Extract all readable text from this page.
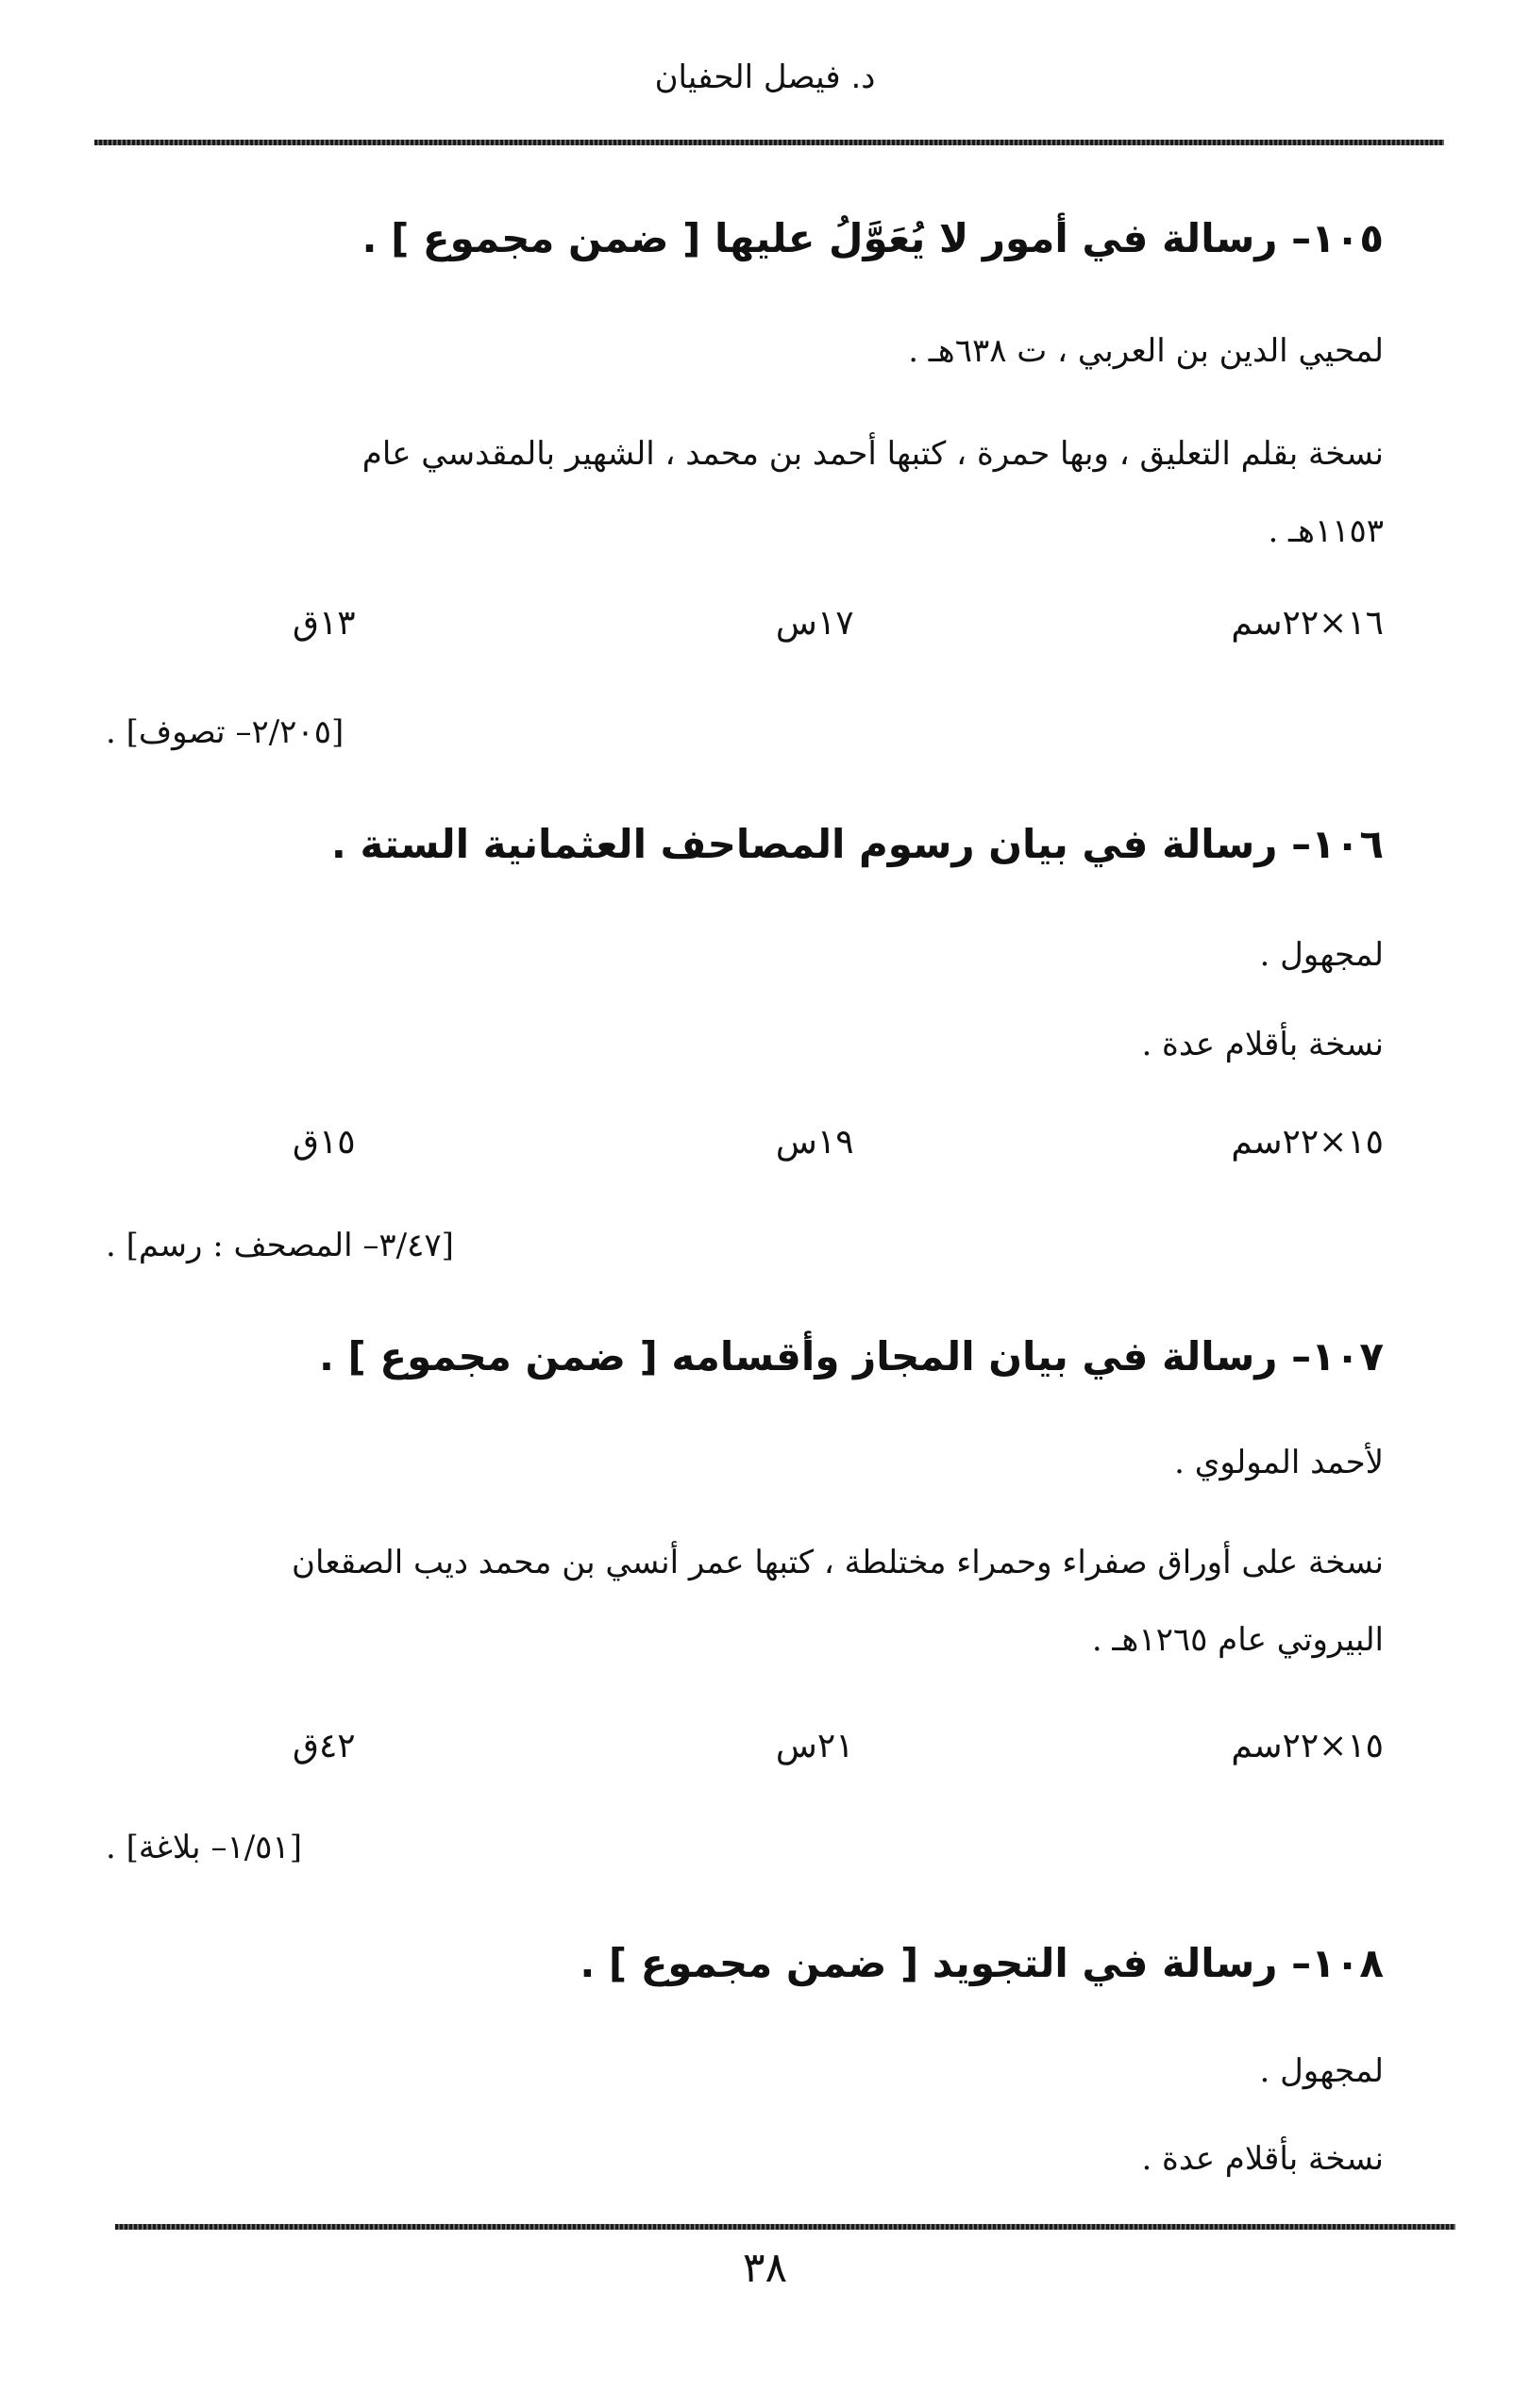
د. فيصل الحفيان
١٠٥– رسالة في أمور لا يُعَوَّلُ عليها [ ضمن مجموع ] .
لمحيي الدين بن العربي ، ت ٦٣٨هـ .
نسخة بقلم التعليق ، وبها حمرة ، كتبها أحمد بن محمد ، الشهير بالمقدسي عام
١١٥٣هـ .
١٣ق	١٧س	١٦×٢٢سم
[٢/٢٠٥– تصوف] .
١٠٦– رسالة في بيان رسوم المصاحف العثمانية الستة .
لمجهول .
نسخة بأقلام عدة .
١٥ق	١٩س	١٥×٢٢سم
[٣/٤٧– المصحف : رسم] .
١٠٧– رسالة في بيان المجاز وأقسامه [ ضمن مجموع ] .
لأحمد المولوي .
نسخة على أوراق صفراء وحمراء مختلطة ، كتبها عمر أنسي بن محمد ديب الصقعان
البيروتي عام ١٢٦٥هـ .
٤٢ق	٢١س	١٥×٢٢سم
[١/٥١– بلاغة] .
١٠٨– رسالة في التجويد [ ضمن مجموع ] .
لمجهول .
نسخة بأقلام عدة .
٣٨
